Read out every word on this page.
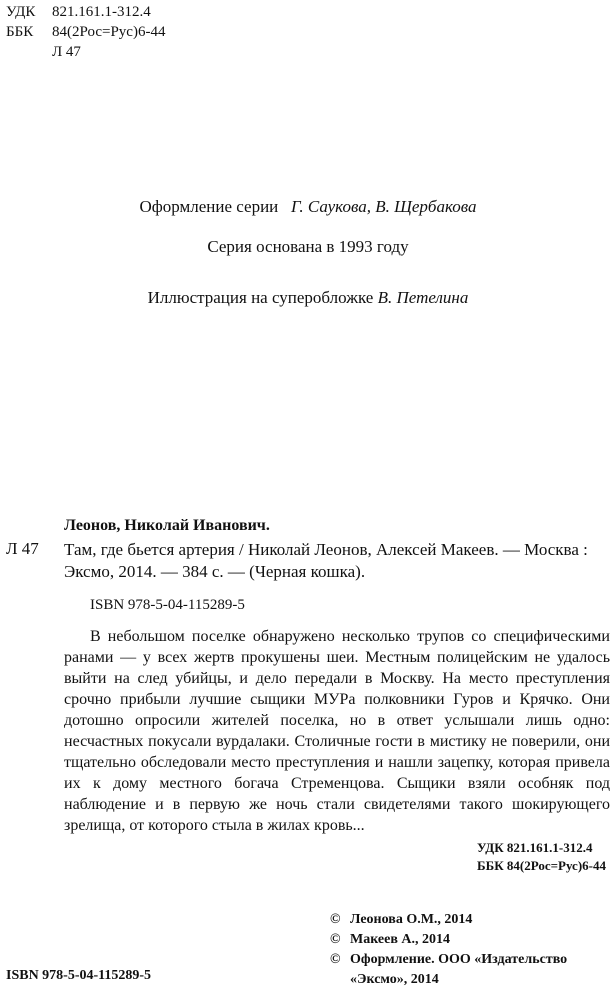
УДК	821.161.1-312.4
ББК	84(2Рос=Рус)6-44
Л 47
Оформление серии Г. Саукова, В. Щербакова
Серия основана в 1993 году
Иллюстрация на суперобложке В. Петелина
Леонов, Николай Иванович.
Л 47 Там, где бьется артерия / Николай Леонов, Алексей Макеев. — Москва : Эксмо, 2014. — 384 с. — (Черная кошка).
ISBN 978-5-04-115289-5

В небольшом поселке обнаружено несколько трупов со специфическими ранами — у всех жертв прокушены шеи. Местным полицейским не удалось выйти на след убийцы, и дело передали в Москву. На место преступления срочно прибыли лучшие сыщики МУРа полковники Гуров и Крячко. Они дотошно опросили жителей поселка, но в ответ услышали лишь одно: несчастных покусали вурдалаки. Столичные гости в мистику не поверили, они тщательно обследовали место преступления и нашли зацепку, которая привела их к дому местного богача Стременцова. Сыщики взяли особняк под наблюдение и в первую же ночь стали свидетелями такого шокирующего зрелища, от которого стыла в жилах кровь...

УДК 821.161.1-312.4
ББК 84(2Рос=Рус)6-44
© Леонова О.М., 2014
© Макеев А., 2014
© Оформление. ООО «Издательство «Эксмо», 2014
ISBN 978-5-04-115289-5
